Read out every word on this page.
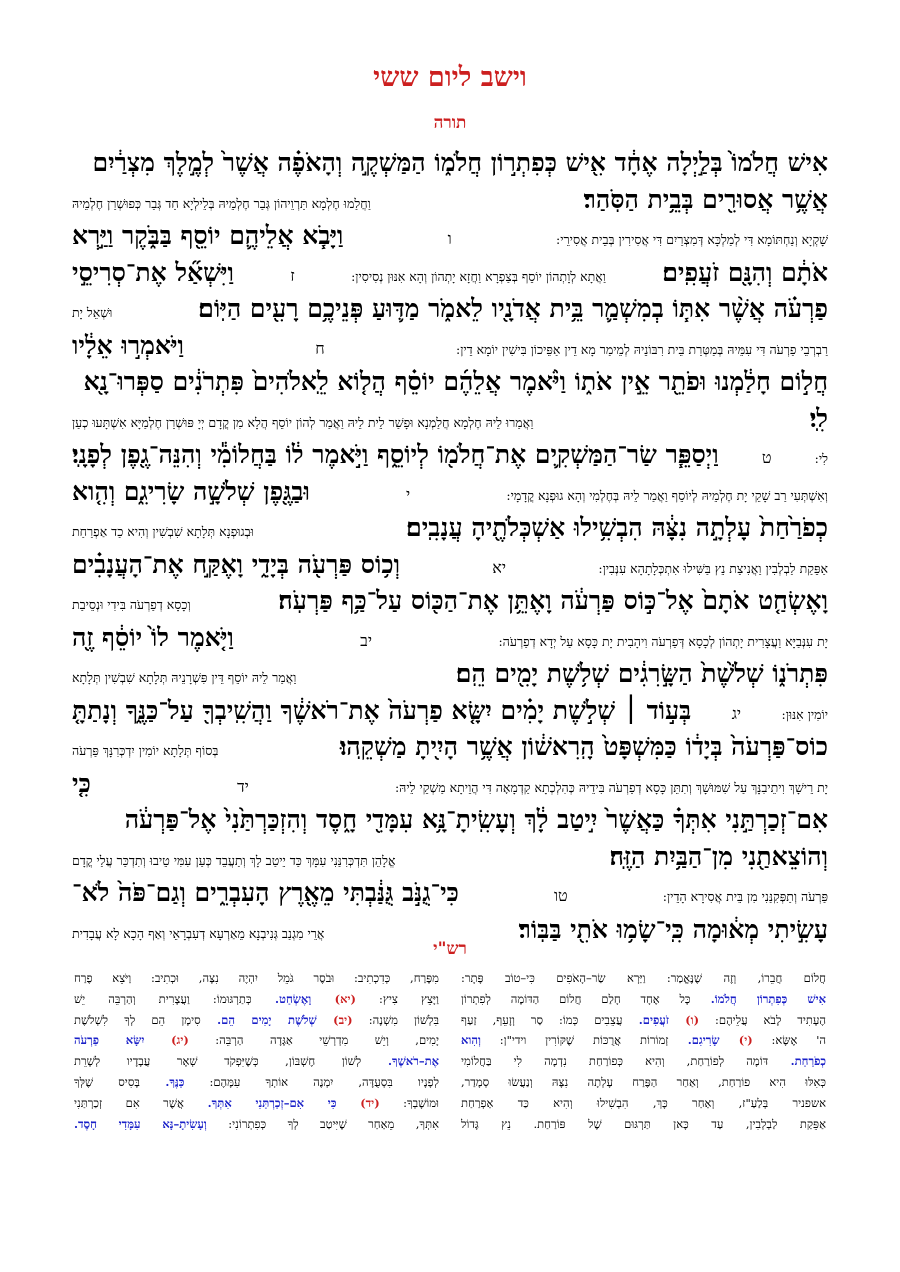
וישב ליום ששי
תורה
אִישׁ חֲלֹמוֹ֙ בְּלַ֣יְלָה אֶחָ֔ד אִ֖ישׁ כְּפִתְר֣וֹן חֲלֹמ֑וֹ הַמַּשְׁקֶ֣ה וְהָאֹפֶ֗ה אֲשֶׁר֙ לְמֶ֣לֶךְ מִצְרַ֔יִם
אֲשֶׁ֥ר אֲסוּרִ֖ים בְּבֵ֥ית הַסֹּֽהַר׃
וַחֲלַמוּ חֶלְמָא תַּרְוֵיהוֹן גְּבַר חֶלְמֵיהּ בְּלֵילְיָא חַד גְּבַר כְּפוּשְׁרַן חֶלְמֵיהּ
שָׁקְיָא וְנַחְתּוֹמָא דִּי לְמַלְכָּא דְּמִצְרַיִם דִּי אֲסִירִין בְּבֵית אֲסִירֵי:
ו
וַיָּבֹ֧א אֲלֵיהֶ֛ם יוֹסֵ֖ף בַּבֹּ֑קֶר וַיַּ֣רְא
אֹתָ֔ם וְהִנָּ֖ם זֹעֲפִֽים׃
וַאֲתָא לְוָתְהוֹן יוֹסֵף בְּצַפְרָא וַחֲזָא יָתְהוֹן וְהָא אִנּוּן נְסִיסִין:
ז
וַיִּשְׁאַ֞ל אֶת־סְרִיסֵ֣י
פַרְעֹ֗ה אֲשֶׁ֨ר אִתּ֧וֹ בְמִשְׁמַ֛ר בֵּ֥ית אֲדֹנָ֖יו לֵאמֹ֑ר מַדּ֛וּעַ פְּנֵיכֶ֥ם רָעִ֖ים הַיּֽוֹם׃
וּשְׁאֵל יָת
רַבְרְבֵי פַרְעֹה דִּי עִמֵּיהּ בְּמַטְּרַת בֵּית רִבּוֹנֵיהּ לְמֵימַר מָא דֵין אַפֵּיכוֹן בִּישִׁין יוֹמָא דֵין:
ח
וַיֹּאמְר֣וּ אֵלָ֔יו
חֲל֣וֹם חָלַ֔מְנוּ וּפֹתֵ֖ר אֵ֣ין אֹת֑וֹ וַיֹּ֨אמֶר אֲלֵהֶ֜ם יוֹסֵ֗ף הֲל֤וֹא לֵֽאלֹהִים֙ פִּתְרֹנִ֔ים סַפְּרוּ־נָ֖א
לִֽי׃
וַאֲמַרוּ לֵיהּ חֶלְמָא חֲלַמְנָא וּפָשַׁר לֵית לֵיהּ וַאֲמַר לְהוֹן יוֹסֵף הֲלָא מִן קֳדָם יְיָ פּוּשְׁרַן חֶלְמַיָּא אִשְׁתָּעוּ כְעַן
לִי:
ט
וַיְסַפֵּ֧ר שַׂר־הַמַּשְׁקִ֛ים אֶת־חֲלֹמ֖וֹ לְיוֹסֵ֑ף וַיֹּ֣אמֶר ל֔וֹ בַּחֲלוֹמִ֕י וְהִנֵּה־גֶ֖פֶן לְפָנָֽי׃
וְאִשְׁתְּעִי רַב שָׁקֵי יָת חֶלְמֵיהּ לְיוֹסֵף וַאֲמַר לֵיהּ בְּחֶלְמִי וְהָא גוּפְנָא קֳדָמָי:
י
וּבַגֶּ֖פֶן שְׁלֹשָׁ֣ה שָׂרִיגִ֑ם וְהִ֤וא
כְפֹרַ֙חַת֙ עָלְתָ֣ה נִצָּ֔הּ הִבְשִׁ֥ילוּ אַשְׁכְּלֹתֶ֖יהָ עֲנָבִֽים׃
וּבְגוּפְנָא תְּלָתָא שִׁבְשִׁין וְהִיא כַד אַפְרַחַת
אַפֵּקַת לַבְלְבִין וַאֲנִיצַת נֵץ בַּשִּׁילוּ אִתְכְּלָתָהָא עִנְּבִין:
יא
וְכ֥וֹס פַּרְעֹ֖ה בְּיָדִ֑י וָאֶקַּ֣ח אֶת־הָעֲנָבִ֗ים
וָאֶשְׂחַ֤ט אֹתָם֙ אֶל־כּ֣וֹס פַּרְעֹ֔ה וָאֶתֵּ֥ן אֶת־הַכּ֖וֹס עַל־כַּ֥ף פַּרְעֹֽה׃
וְכָסָא דְפַרְעֹה בִּידִי וּנְסֵיבַת
יָת עִנְּבַיָּא וַעֲצָרִית יָתְהוֹן לְכָסָא דְּפַרְעֹה וִיהָבִית יָת כָּסָא עַל יְדָא דְפַרְעֹה:
יב
וַיֹּ֤אמֶר לוֹ֙ יוֹסֵ֔ף זֶ֖ה
פִּתְרֹנ֑וֹ שְׁלֹ֙שֶׁת֙ הַשָּׂ֣רִגִ֔ים שְׁלֹ֥שֶׁת יָמִ֖ים הֵֽם׃
וַאֲמַר לֵיהּ יוֹסֵף דֵּין פִּשְׁרָנֵיהּ תְּלָתָא שִׁבְשִׁין תְּלָתָא
יוֹמִין אִנּוּן:
יג
בְּע֣וֹד ׀ שְׁלֹ֣שֶׁת יָמִ֗ים יִשָּׂ֤א פַרְעֹה֙ אֶת־רֹאשֶׁ֔ךָ וַהֲשִֽׁיבְךָ֖ עַל־כַּנֶּ֑ךָ וְנָתַתָּ֤
כוֹס־פַּרְעֹה֙ בְּיָד֔וֹ כַּמִּשְׁפָּט֙ הָֽרִאשׁ֔וֹן אֲשֶׁ֥ר הָיִ֖יתָ מַשְׁקֵֽהוּ׃
בְּסוֹף תְּלָתָא יוֹמִין יִדְכְּרִנָּךְ פַּרְעֹה
יָת רֵישָׁךְ וִיתֵיבִנָּךְ עַל שִׁמּוּשָׁךְ וְתִתֵּן כָּסָא דְפַרְעֹה בִּידֵיהּ כְּהִלְכְתָא קַדְמָאָה דִּי הֲוֵיתָא מַשְׁקֵי לֵיהּ:
יד
כִּ֤י
אִם־זְכַרְתַּ֣נִי אִתְּךָ֗ כַּאֲשֶׁר֙ יִ֣יטַב לָ֔ךְ וְעָשִֽׂיתָ־נָּ֥א עִמָּדִ֖י חָ֑סֶד וְהִזְכַּרְתַּ֙נִי֙ אֶל־פַּרְעֹ֔ה
וְהוֹצֵאתַ֖נִי מִן־הַבַּ֥יִת הַזֶּֽה׃
אֱלָהֵן תִּדְכְּרִנַּנִי עִמָּךְ כַּד יֵיטַב לָךְ וְתַעֲבֵד כְּעַן עִמִּי טֵיבוּ וְתִדְכַּר עֲלַי קֳדָם
פַּרְעֹה וְתַפְּקִנַּנִי מִן בֵּית אֲסִירָא הָדֵין:
טו
כִּי־גֻנֹּ֣ב גֻּנַּ֔בְתִּי מֵאֶ֖רֶץ הָעִבְרִ֑ים וְגַם־פֹּה֙ לֹא־
עָשִׂ֣יתִי מְא֔וּמָה כִּֽי־שָׂמ֥וּ אֹתִ֖י בַּבּֽוֹר׃
אֲרֵי מִגְנַב גְּנִיבְנָא מֵאַרְעָא דְעִבְרָאֵי וְאַף הָכָא לָא עֲבָדִית
רש"י
חֲלוֹם חֲבֵרוֹ, וְזֶה שֶׁנֶּאֱמַר: וַיַּרְא שַׂר–הָאֹפִים כִּי–טוֹב פָּתָר:
אִישׁ כְּפִתְרוֹן חֲלֹמוֹ. כָּל אֶחָד חָלַם חֲלוֹם הַדּוֹמֶה לְפִתְרוֹן
הֶעָתִיד לָבֹא עֲלֵיהֶם: (ו) זֹעֲפִים. עֲצֵבִים כְּמוֹ: סַר וְזָעֵף, זַעַף
ה' אֶשָּׂא: (י) שָׂרִיגִם. זְמוֹרוֹת אֲרֻכּוֹת שֶׁקּוֹרִין וידי"ן: וְהִוא
כְפֹרַחַת. דּוֹמָה לְפוֹרַחַת, וְהִיא כְּפוֹרַחַת נִדְמָה לִי בַּחֲלוֹמִי
כְּאִלּוּ הִיא פוֹרַחַת, וְאַחַר הַפֶּרַח עָלְתָה נִצָּהּ וְנַעֲשׂוּ סְמָדַר,
אשפניר בְּלַעַ"ז, וְאַחַר כָּךְ, הִבְשִׁילוּ וְהִיא כַּד אַפְרַחַת
אַפֵּקַת לַבְלְבִין, עַד כָּאן תַּרְגּוּם שֶׁל פּוֹרַחַת. נֵץ גָּדוֹל
מִפֶּרַח, כְּדִכְתִיב: וּבֹסֶר גֹּמֵל יִהְיֶה נִצָּה, וּכְתִיב: וַיֹּצֵא פֶרַח
וַיָּצֵץ צִיץ: (יא) וָאֶשְׂחַט. כְּתַרְגּוּמוֹ: וַעֲצָרִית וְהַרְבֵּה יֵשׁ
בִּלְשׁוֹן מִשְׁנָה: (יב) שְׁלֹשֶׁת יָמִים הֵם. סִימָן הֵם לְךָ לִשְׁלֹשֶׁת
יָמִים, וְיֵשׁ מִדְרְשֵׁי אַגָּדָה הַרְבֵּה: (יג) יִשָּׂא פַרְעֹה
אֶת–רֹאשֶׁךָ. לְשׁוֹן חֶשְׁבּוֹן, כְּשֶׁיִּפְקֹד שְׁאָר עֲבָדָיו לְשָׁרֵת
לְפָנָיו בִּסְעֻדָּה, יִמְנֶה אוֹתְךָ עִמָּהֶם: כַּנֶּךָ. בָּסִיס שֶׁלְּךָ
וּמוֹשָׁבְךָ: (יד) כִּי אִם–זְכַרְתַּנִי אִתְּךָ. אֲשֶׁר אִם זְכַרְתַּנִי
אִתְּךָ, מֵאַחַר שֶׁיִּיטַב לְךָ כְּפִתְרוֹנִי: וְעָשִׂיתָ–נָּא עִמָּדִי חָסֶד.
